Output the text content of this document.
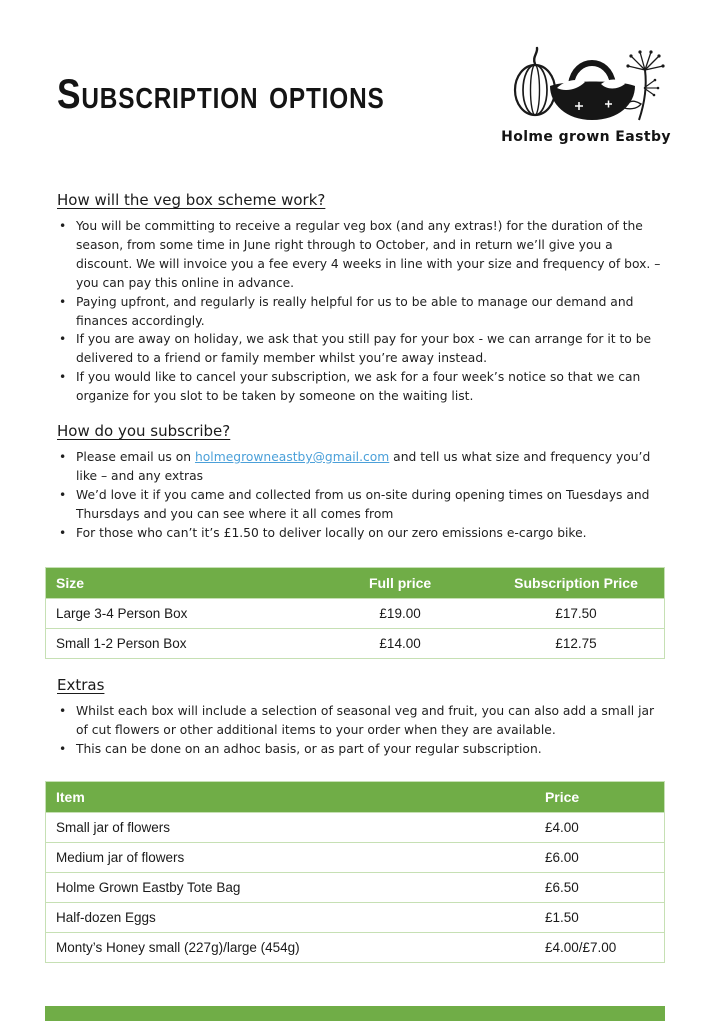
Subscription options
Holme grown Eastby
How will the veg box scheme work?
• You will be committing to receive a regular veg box (and any extras!) for the duration of the season, from some time in June right through to October, and in return we’ll give you a discount. We will invoice you a fee every 4 weeks in line with your size and frequency of box. – you can pay this online in advance.
• Paying upfront, and regularly is really helpful for us to be able to manage our demand and finances accordingly.
• If you are away on holiday, we ask that you still pay for your box - we can arrange for it to be delivered to a friend or family member whilst you’re away instead.
• If you would like to cancel your subscription, we ask for a four week’s notice so that we can organize for you slot to be taken by someone on the waiting list.
How do you subscribe?
• Please email us on holmegrowneastby@gmail.com and tell us what size and frequency you’d like – and any extras
• We’d love it if you came and collected from us on-site during opening times on Tuesdays and Thursdays and you can see where it all comes from
• For those who can’t it’s £1.50 to deliver locally on our zero emissions e-cargo bike.
Size	Full price	Subscription Price
Large 3-4 Person Box	£19.00	£17.50
Small 1-2 Person Box	£14.00	£12.75
Extras
• Whilst each box will include a selection of seasonal veg and fruit, you can also add a small jar of cut flowers or other additional items to your order when they are available.
• This can be done on an adhoc basis, or as part of your regular subscription.
Item	Price
Small jar of flowers	£4.00
Medium jar of flowers	£6.00
Holme Grown Eastby Tote Bag	£6.50
Half-dozen Eggs	£1.50
Monty’s Honey small (227g)/large (454g)	£4.00/£7.00
